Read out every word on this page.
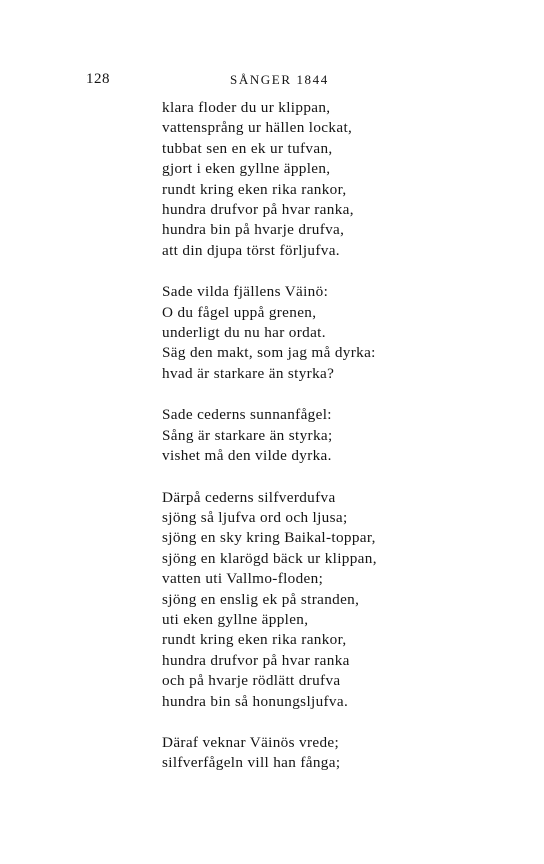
128	SÅNGER 1844
klara floder du ur klippan,
vattensprång ur hällen lockat,
tubbat sen en ek ur tufvan,
gjort i eken gyllne äpplen,
rundt kring eken rika rankor,
hundra drufvor på hvar ranka,
hundra bin på hvarje drufva,
att din djupa törst förljufva.
Sade vilda fjällens Väinö:
O du fågel uppå grenen,
underligt du nu har ordat.
Säg den makt, som jag må dyrka:
hvad är starkare än styrka?
Sade cederns sunnanfågel:
Sång är starkare än styrka;
vishet må den vilde dyrka.
Därpå cederns silfverdufva
sjöng så ljufva ord och ljusa;
sjöng en sky kring Baikal-toppar,
sjöng en klarögd bäck ur klippan,
vatten uti Vallmo-floden;
sjöng en enslig ek på stranden,
uti eken gyllne äpplen,
rundt kring eken rika rankor,
hundra drufvor på hvar ranka
och på hvarje rödlätt drufva
hundra bin så honungsljufva.
Däraf veknar Väinös vrede;
silfverfågeln vill han fånga;
